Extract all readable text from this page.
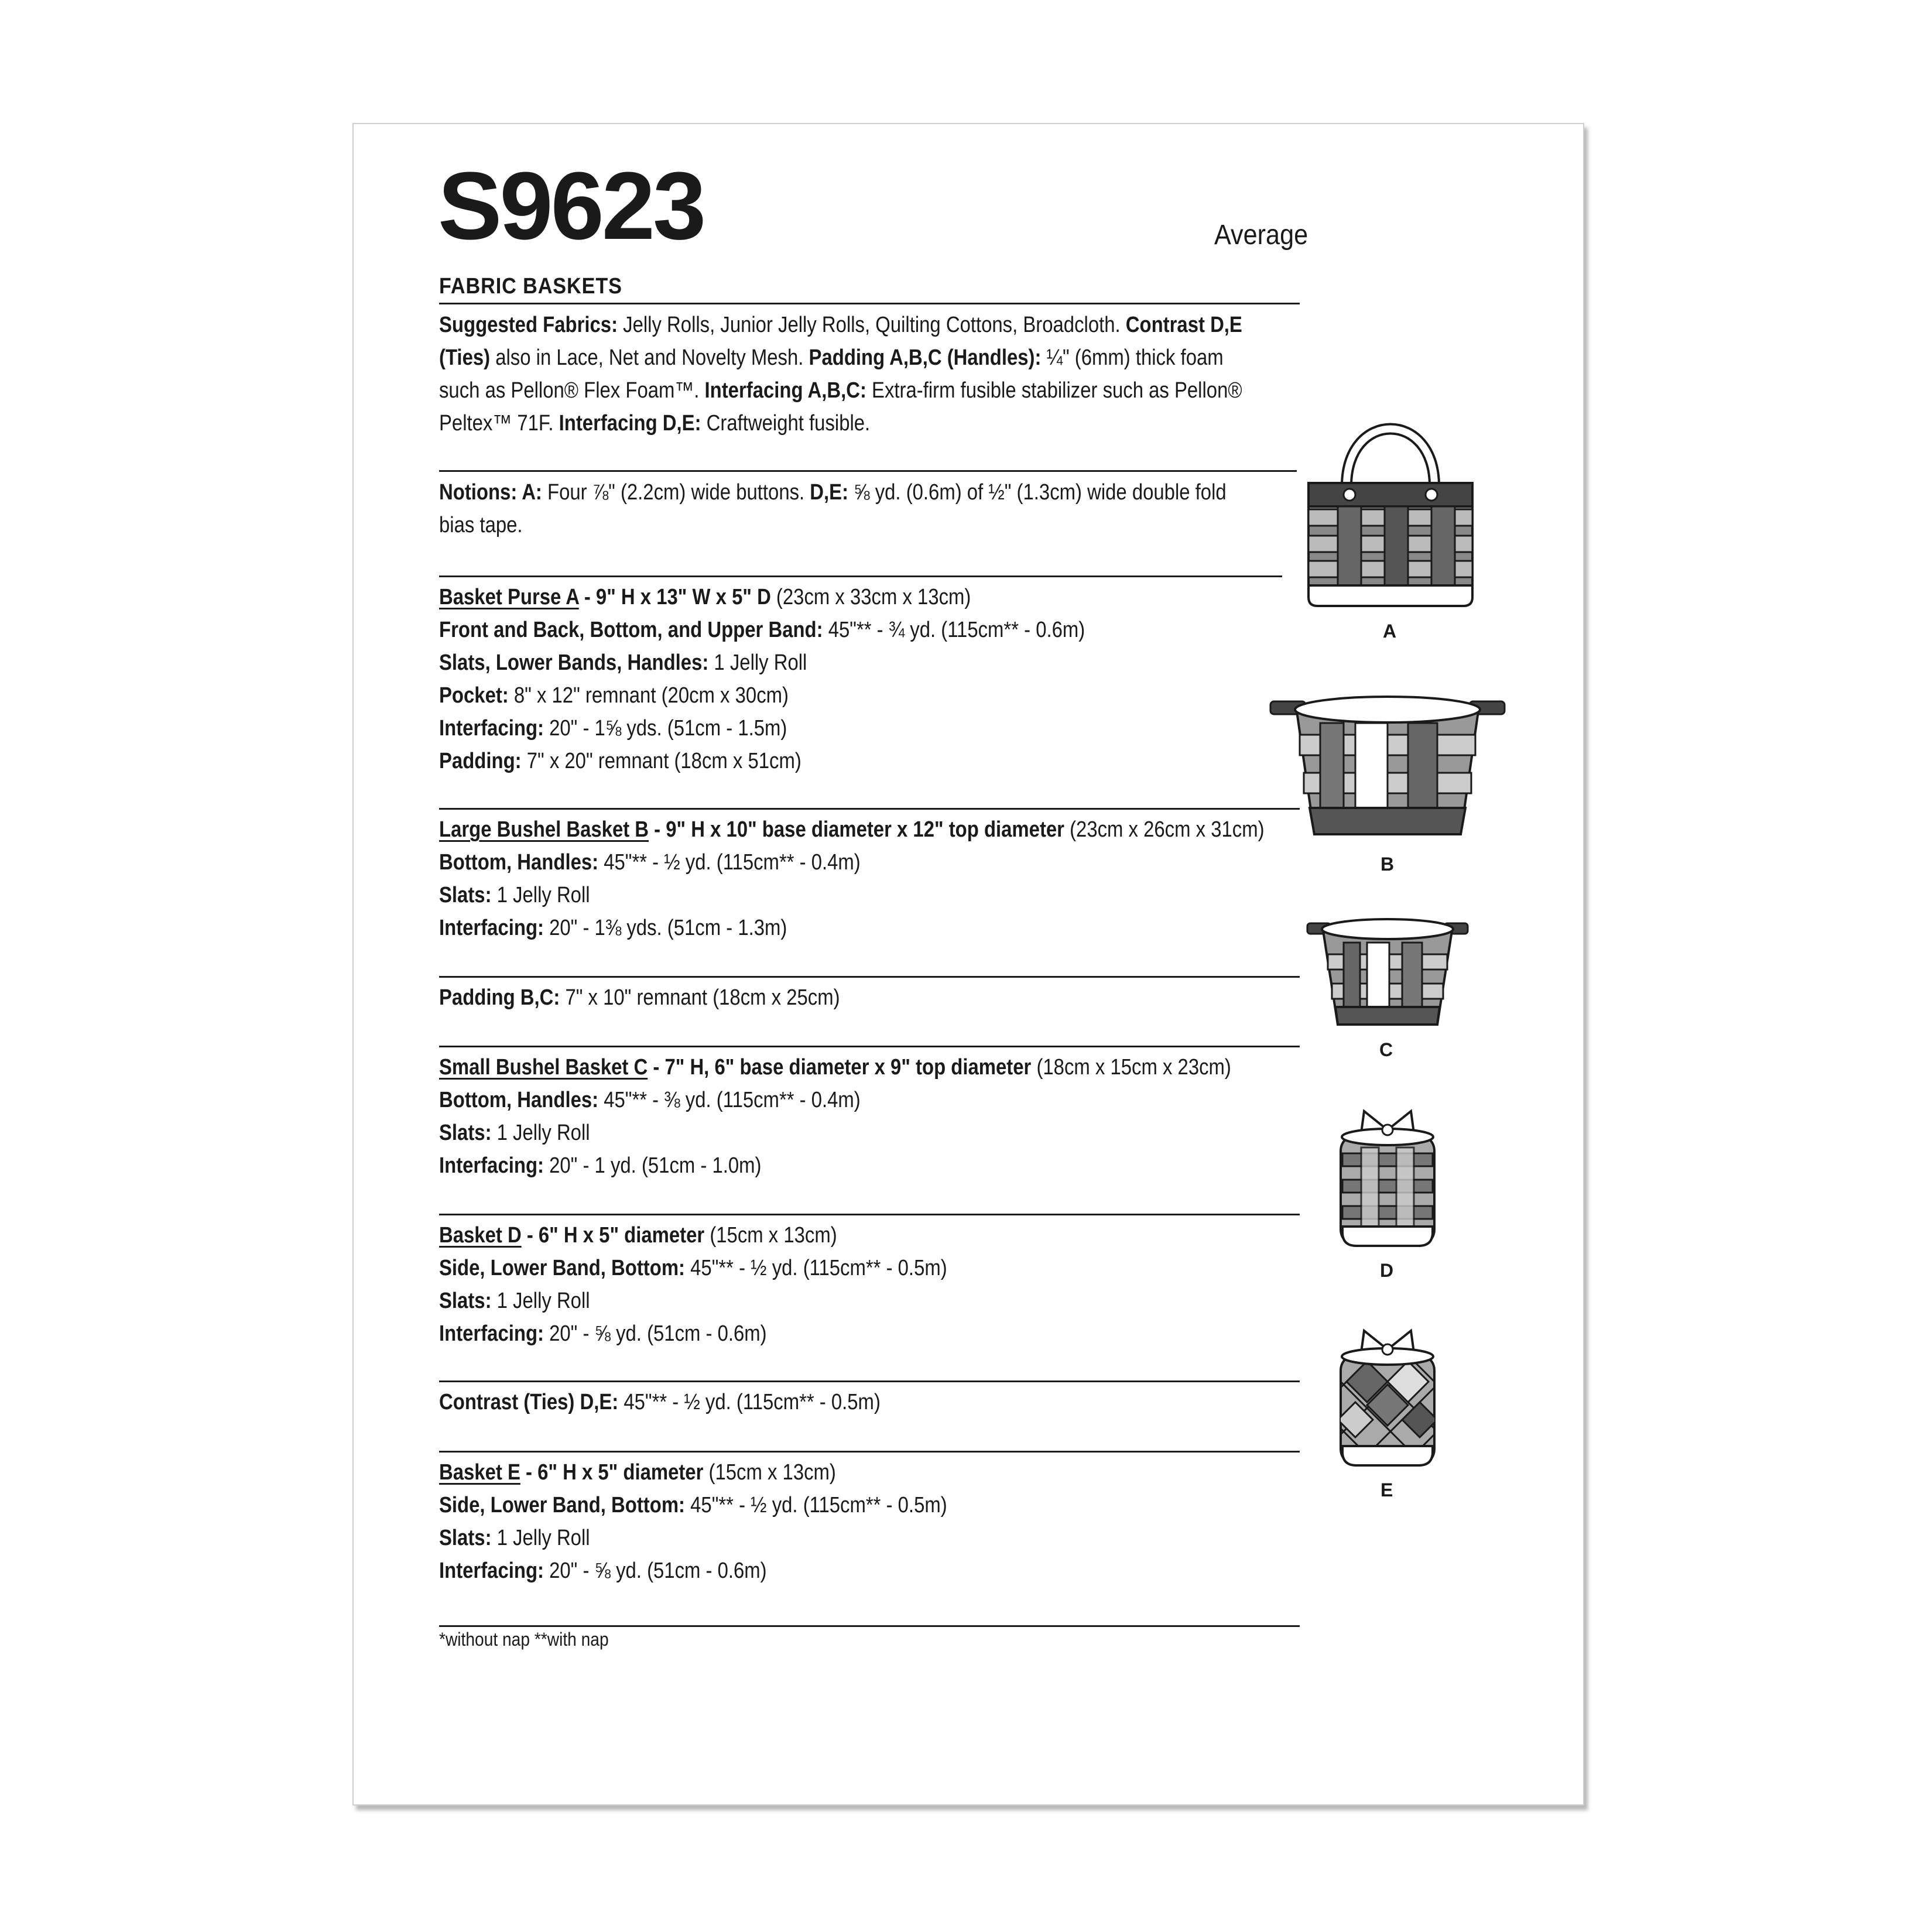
S9623	Average
FABRIC BASKETS
Suggested Fabrics: Jelly Rolls, Junior Jelly Rolls, Quilting Cottons, Broadcloth. Contrast D,E
(Ties) also in Lace, Net and Novelty Mesh. Padding A,B,C (Handles): ¼" (6mm) thick foam
such as Pellon® Flex Foam™. Interfacing A,B,C: Extra-firm fusible stabilizer such as Pellon®
Peltex™ 71F. Interfacing D,E: Craftweight fusible.
Notions: A: Four ⅞" (2.2cm) wide buttons. D,E: ⅝ yd. (0.6m) of ½" (1.3cm) wide double fold
bias tape.
Basket Purse A - 9" H x 13" W x 5" D (23cm x 33cm x 13cm)
Front and Back, Bottom, and Upper Band: 45"** - ¾ yd. (115cm** - 0.6m)
Slats, Lower Bands, Handles: 1 Jelly Roll
Pocket: 8" x 12" remnant (20cm x 30cm)
Interfacing: 20" - 1⅝ yds. (51cm - 1.5m)
Padding: 7" x 20" remnant (18cm x 51cm)
Large Bushel Basket B - 9" H x 10" base diameter x 12" top diameter (23cm x 26cm x 31cm)
Bottom, Handles: 45"** - ½ yd. (115cm** - 0.4m)
Slats: 1 Jelly Roll
Interfacing: 20" - 1⅜ yds. (51cm - 1.3m)
Padding B,C: 7" x 10" remnant (18cm x 25cm)
Small Bushel Basket C - 7" H, 6" base diameter x 9" top diameter (18cm x 15cm x 23cm)
Bottom, Handles: 45"** - ⅜ yd. (115cm** - 0.4m)
Slats: 1 Jelly Roll
Interfacing: 20" - 1 yd. (51cm - 1.0m)
Basket D - 6" H x 5" diameter (15cm x 13cm)
Side, Lower Band, Bottom: 45"** - ½ yd. (115cm** - 0.5m)
Slats: 1 Jelly Roll
Interfacing: 20" - ⅝ yd. (51cm - 0.6m)
Contrast (Ties) D,E: 45"** - ½ yd. (115cm** - 0.5m)
Basket E - 6" H x 5" diameter (15cm x 13cm)
Side, Lower Band, Bottom: 45"** - ½ yd. (115cm** - 0.5m)
Slats: 1 Jelly Roll
Interfacing: 20" - ⅝ yd. (51cm - 0.6m)
*without nap **with nap
A
B
C
D
E
